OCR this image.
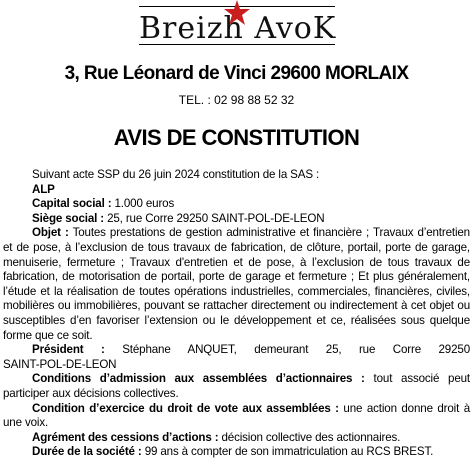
Breizh AvoK
3, Rue Léonard de Vinci 29600 MORLAIX
TEL. : 02 98 88 52 32
AVIS DE CONSTITUTION

Suivant acte SSP du 26 juin 2024 constitution de la SAS :

ALP

Capital social : 1.000 euros

Siège social : 25, rue Corre 29250 SAINT-POL-DE-LEON

Objet : Toutes prestations de gestion administrative et financière ; Travaux d’entretien et de pose, à l’exclusion de tous travaux de fabrication, de clôture, portail, porte de garage, menuiserie, fermeture ; Travaux d'entretien et de pose, à l’exclusion de tous travaux de fabrication, de motorisation de portail, porte de garage et fermeture ; Et plus généralement, l’étude et la réalisation de toutes opérations industrielles, commerciales, financières, civiles, mobilières ou immobilières, pouvant se rattacher directement ou indirectement à cet objet ou susceptibles d’en favoriser l’extension ou le développement et ce, réalisées sous quelque forme que ce soit.

Président : Stéphane ANQUET, demeurant 25, rue Corre 29250

SAINT-POL-DE-LEON

Conditions d’admission aux assemblées d’actionnaires : tout associé peut participer aux décisions collectives.

Condition d’exercice du droit de vote aux assemblées : une action donne droit à une voix.

Agrément des cessions d’actions : décision collective des actionnaires.

Durée de la société : 99 ans à compter de son immatriculation au RCS BREST.
